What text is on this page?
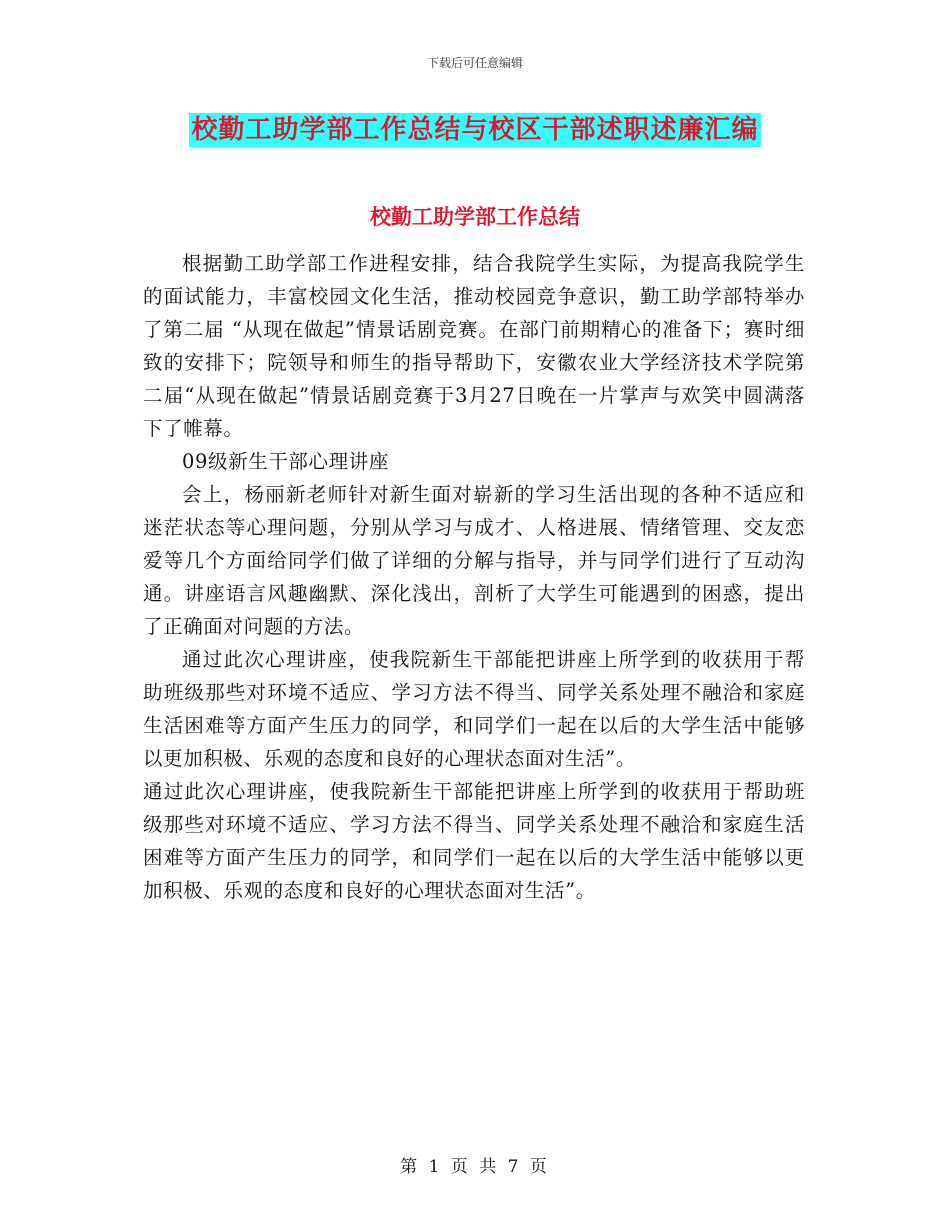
下载后可任意编辑
校勤工助学部工作总结与校区干部述职述廉汇编
校勤工助学部工作总结

根据勤工助学部工作进程安排，结合我院学生实际，为提高我院学生的面试能力，丰富校园文化生活，推动校园竞争意识，勤工助学部特举办了第二届 “从现在做起”情景话剧竞赛。在部门前期精心的准备下；赛时细致的安排下；院领导和师生的指导帮助下，安徽农业大学经济技术学院第二届“从现在做起”情景话剧竞赛于3月27日晚在一片掌声与欢笑中圆满落下了帷幕。

09级新生干部心理讲座

会上，杨丽新老师针对新生面对崭新的学习生活出现的各种不适应和迷茫状态等心理问题，分别从学习与成才、人格进展、情绪管理、交友恋爱等几个方面给同学们做了详细的分解与指导，并与同学们进行了互动沟通。讲座语言风趣幽默、深化浅出，剖析了大学生可能遇到的困惑，提出了正确面对问题的方法。

通过此次心理讲座，使我院新生干部能把讲座上所学到的收获用于帮助班级那些对环境不适应、学习方法不得当、同学关系处理不融洽和家庭生活困难等方面产生压力的同学，和同学们一起在以后的大学生活中能够以更加积极、乐观的态度和良好的心理状态面对生活”。

通过此次心理讲座，使我院新生干部能把讲座上所学到的收获用于帮助班级那些对环境不适应、学习方法不得当、同学关系处理不融洽和家庭生活困难等方面产生压力的同学，和同学们一起在以后的大学生活中能够以更加积极、乐观的态度和良好的心理状态面对生活”。

第 1 页 共 7 页
